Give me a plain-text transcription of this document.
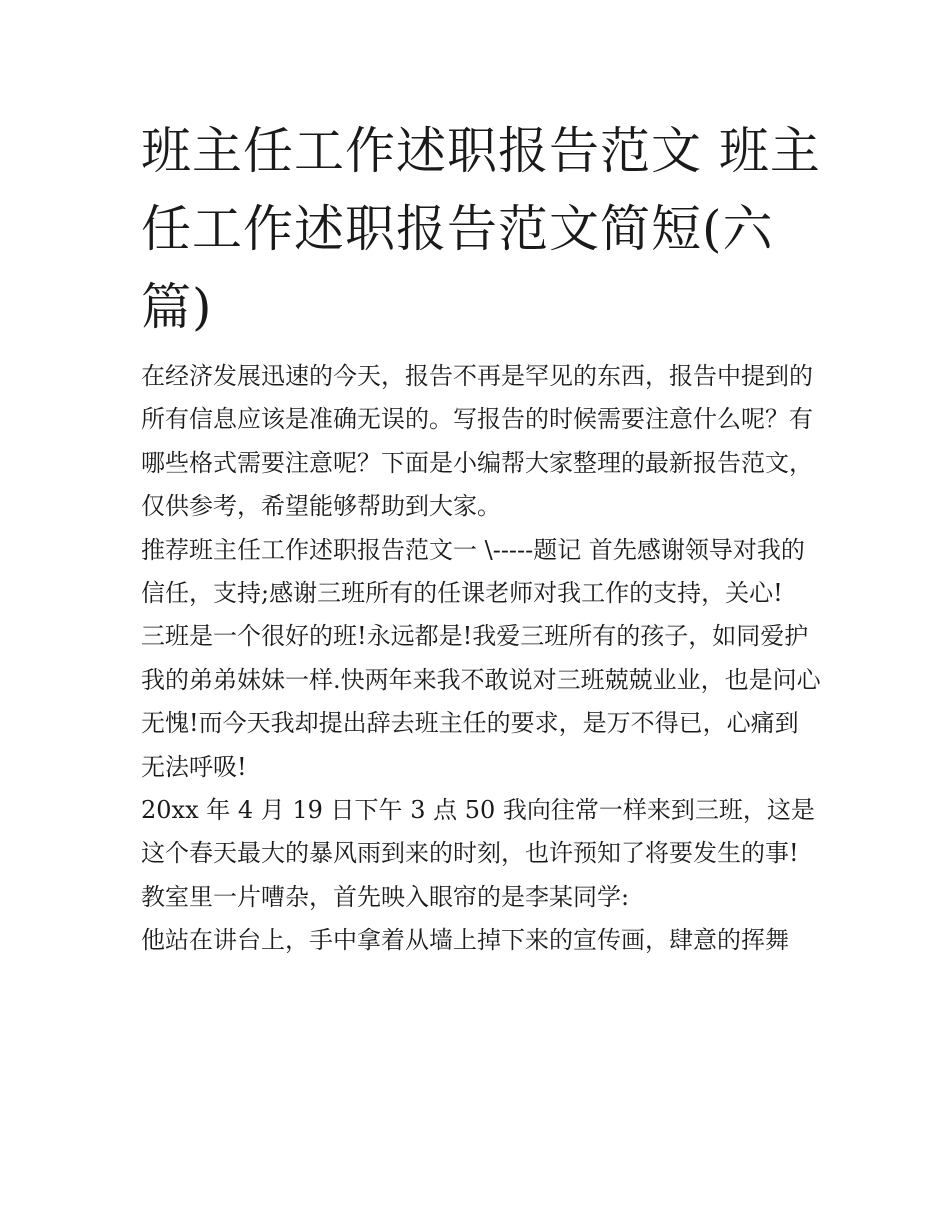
班主任工作述职报告范文 班主任工作述职报告范文简短(六篇)

在经济发展迅速的今天，报告不再是罕见的东西，报告中提到的所有信息应该是准确无误的。写报告的时候需要注意什么呢？有哪些格式需要注意呢？下面是小编帮大家整理的最新报告范文，仅供参考，希望能够帮助到大家。

推荐班主任工作述职报告范文一 \-----题记 首先感谢领导对我的信任，支持;感谢三班所有的任课老师对我工作的支持，关心!

三班是一个很好的班!永远都是!我爱三班所有的孩子，如同爱护我的弟弟妹妹一样.快两年来我不敢说对三班兢兢业业，也是问心无愧!而今天我却提出辞去班主任的要求，是万不得已，心痛到无法呼吸!

20xx 年 4 月 19 日下午 3 点 50 我向往常一样来到三班，这是这个春天最大的暴风雨到来的时刻，也许预知了将要发生的事!

教室里一片嘈杂，首先映入眼帘的是李某同学:

他站在讲台上，手中拿着从墙上掉下来的宣传画，肆意的挥舞
